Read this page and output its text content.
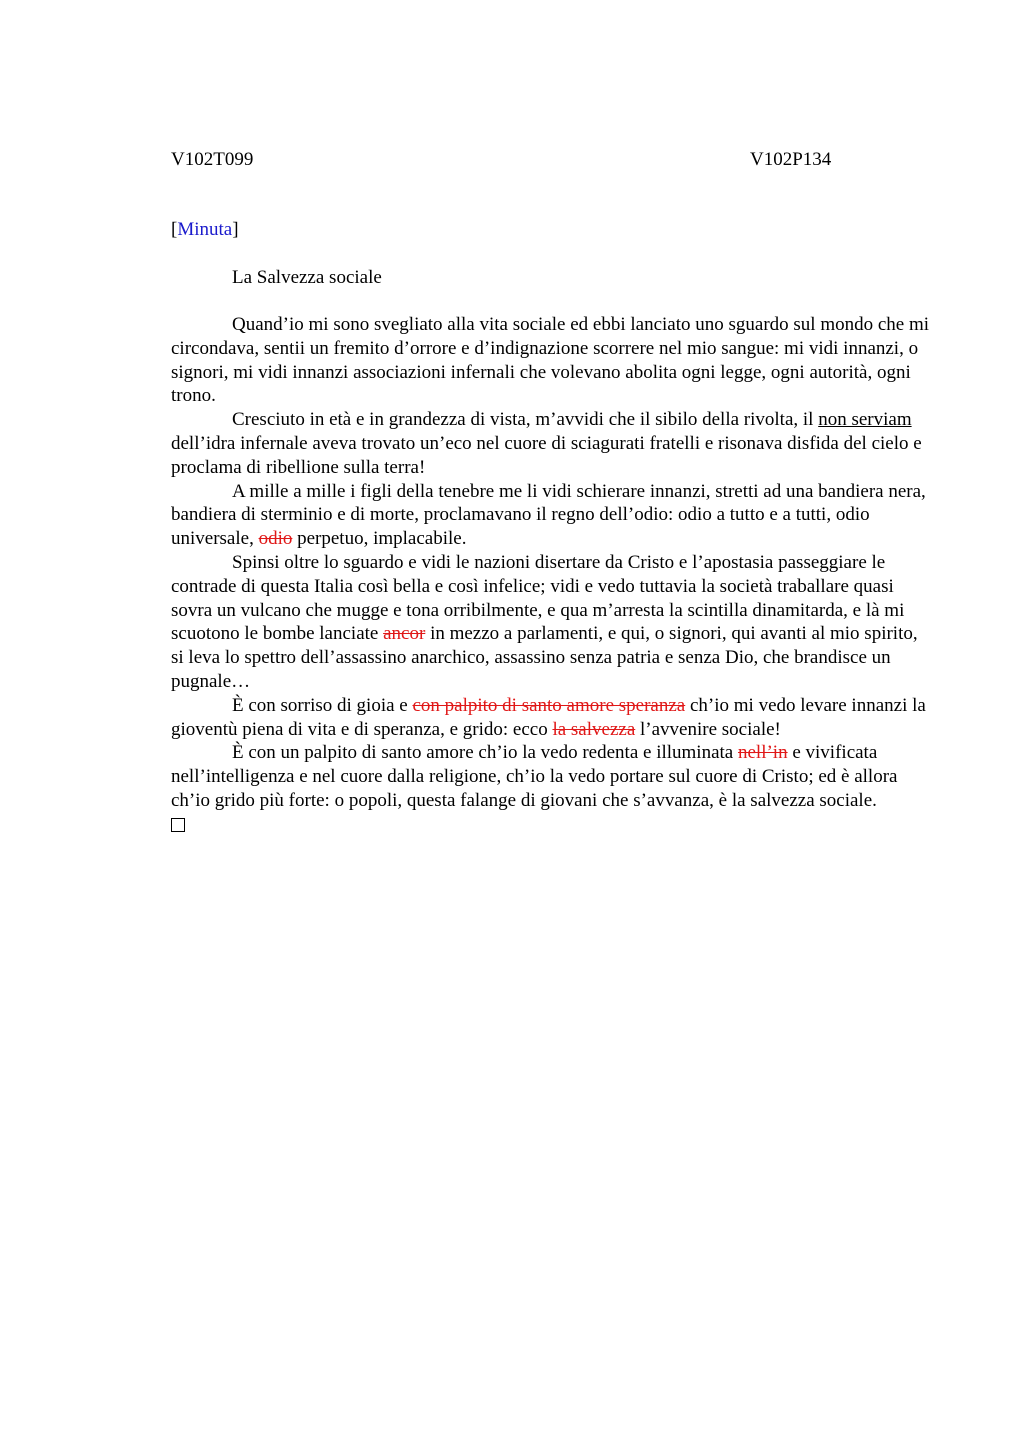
V102T099	V102P134
[Minuta]
La Salvezza sociale

Quand’io mi sono svegliato alla vita sociale ed ebbi lanciato uno sguardo sul mondo che mi circondava, sentii un fremito d’orrore e d’indignazione scorrere nel mio sangue: mi vidi innanzi, o signori, mi vidi innanzi associazioni infernali che volevano abolita ogni legge, ogni autorità, ogni trono.

Cresciuto in età e in grandezza di vista, m’avvidi che il sibilo della rivolta, il non serviam dell’idra infernale aveva trovato un’eco nel cuore di sciagurati fratelli e risonava disfida del cielo e proclama di ribellione sulla terra!

A mille a mille i figli della tenebre me li vidi schierare innanzi, stretti ad una bandiera nera, bandiera di sterminio e di morte, proclamavano il regno dell’odio: odio a tutto e a tutti, odio universale, odio perpetuo, implacabile.

Spinsi oltre lo sguardo e vidi le nazioni disertare da Cristo e l’apostasia passeggiare le contrade di questa Italia così bella e così infelice; vidi e vedo tuttavia la società traballare quasi sovra un vulcano che mugge e tona orribilmente, e qua m’arresta la scintilla dinamitarda, e là mi scuotono le bombe lanciate ancor in mezzo a parlamenti, e qui, o signori, qui avanti al mio spirito, si leva lo spettro dell’assassino anarchico, assassino senza patria e senza Dio, che brandisce un pugnale…

È con sorriso di gioia e con palpito di santo amore speranza ch’io mi vedo levare innanzi la gioventù piena di vita e di speranza, e grido: ecco la salvezza l’avvenire sociale!

È con un palpito di santo amore ch’io la vedo redenta e illuminata nell’in e vivificata nell’intelligenza e nel cuore dalla religione, ch’io la vedo portare sul cuore di Cristo; ed è allora ch’io grido più forte: o popoli, questa falange di giovani che s’avvanza, è la salvezza sociale.
